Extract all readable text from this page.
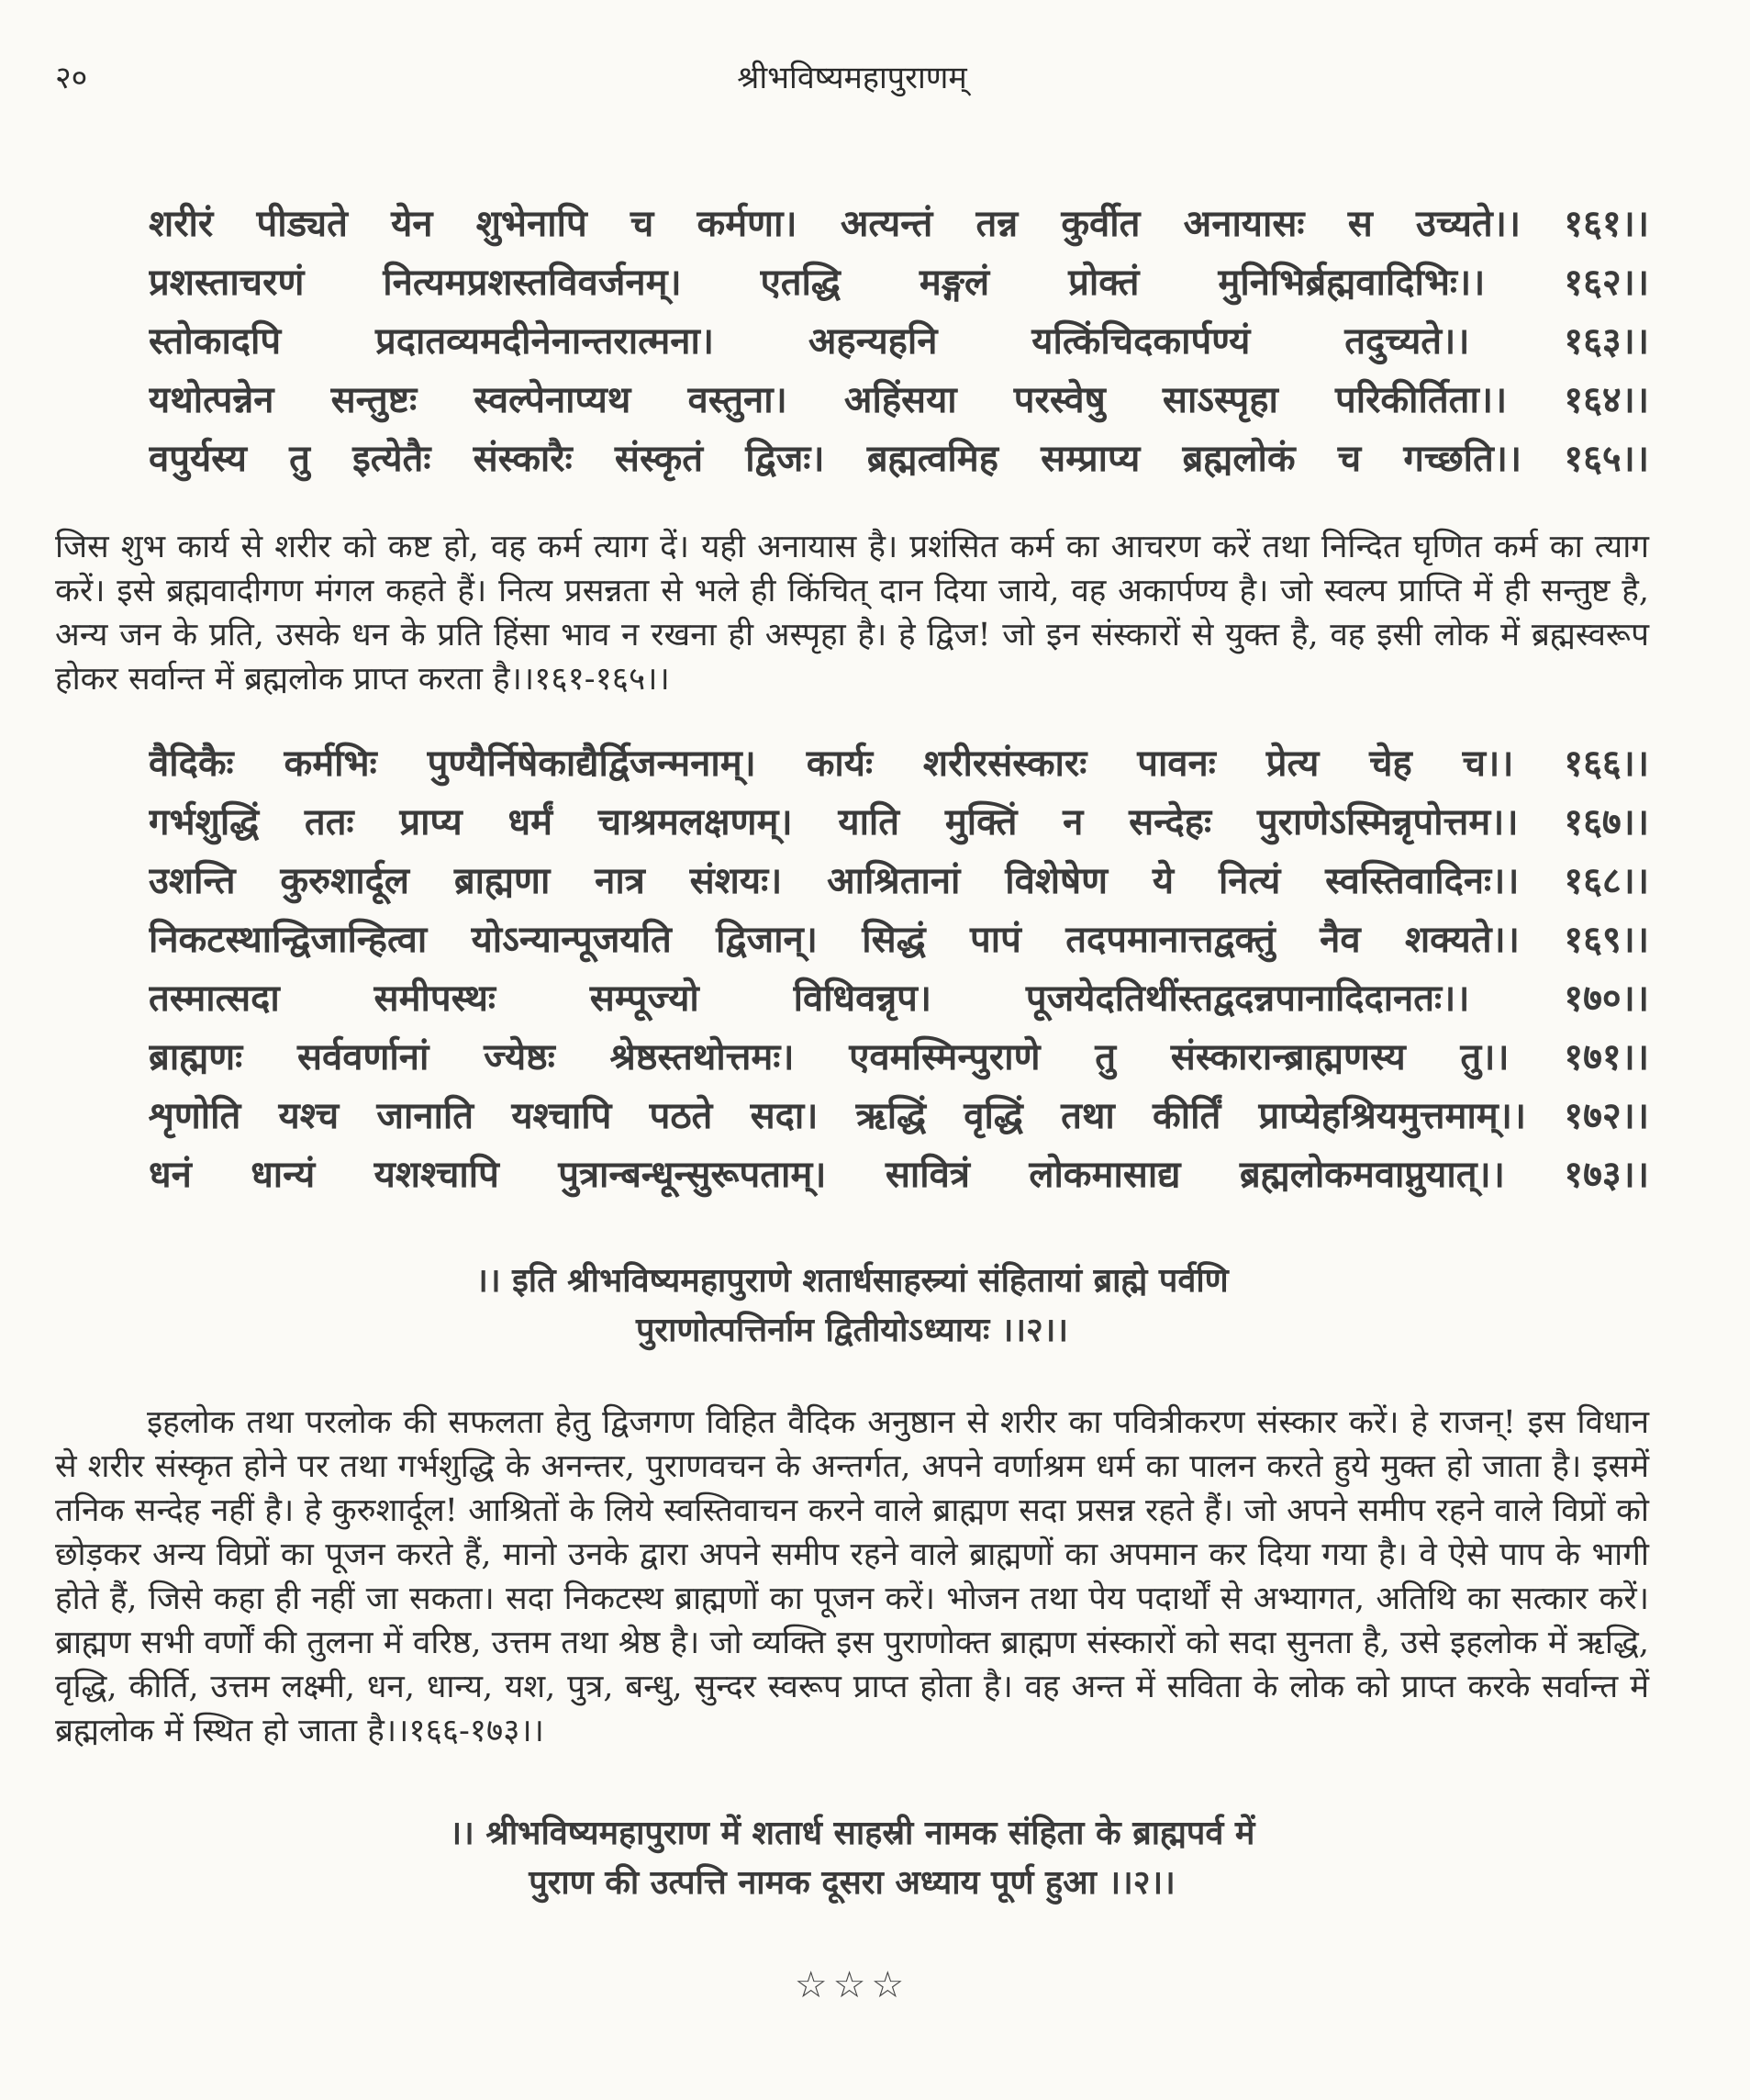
२०	श्रीभविष्यमहापुराणम्
शरीरं पीड्यते येन शुभेनापि च कर्मणा। अत्यन्तं तन्न कुर्वीत अनायासः स उच्यते।। १६१।।
प्रशस्ताचरणं नित्यमप्रशस्तविवर्जनम्। एतद्धि मङ्गलं प्रोक्तं मुनिभिर्ब्रह्मवादिभिः।। १६२।।
स्तोकादपि प्रदातव्यमदीनेनान्तरात्मना। अहन्यहनि यत्किंचिदकार्पण्यं तदुच्यते।। १६३।।
यथोत्पन्नेन सन्तुष्टः स्वल्पेनाप्यथ वस्तुना। अहिंसया परस्वेषु साऽस्पृहा परिकीर्तिता।। १६४।।
वपुर्यस्य तु इत्येतैः संस्कारैः संस्कृतं द्विजः। ब्रह्मत्वमिह सम्प्राप्य ब्रह्मलोकं च गच्छति।। १६५।।

जिस शुभ कार्य से शरीर को कष्ट हो, वह कर्म त्याग दें। यही अनायास है। प्रशंसित कर्म का आचरण करें तथा निन्दित घृणित कर्म का त्याग करें। इसे ब्रह्मवादीगण मंगल कहते हैं। नित्य प्रसन्नता से भले ही किंचित् दान दिया जाये, वह अकार्पण्य है। जो स्वल्प प्राप्ति में ही सन्तुष्ट है, अन्य जन के प्रति, उसके धन के प्रति हिंसा भाव न रखना ही अस्पृहा है। हे द्विज! जो इन संस्कारों से युक्त है, वह इसी लोक में ब्रह्मस्वरूप होकर सर्वान्त में ब्रह्मलोक प्राप्त करता है।।१६१-१६५।।

वैदिकैः कर्मभिः पुण्यैर्निषेकाद्यैर्द्विजन्मनाम्। कार्यः शरीरसंस्कारः पावनः प्रेत्य चेह च।। १६६।।
गर्भशुद्धिं ततः प्राप्य धर्मं चाश्रमलक्षणम्। याति मुक्तिं न सन्देहः पुराणेऽस्मिन्नृपोत्तम।। १६७।।
उशन्ति कुरुशार्दूल ब्राह्मणा नात्र संशयः। आश्रितानां विशेषेण ये नित्यं स्वस्तिवादिनः।। १६८।।
निकटस्थान्द्विजान्हित्वा योऽन्यान्पूजयति द्विजान्। सिद्धं पापं तदपमानात्तद्वक्तुं नैव शक्यते।। १६९।।
तस्मात्सदा समीपस्थः सम्पूज्यो विधिवन्नृप। पूजयेदतिथींस्तद्वदन्नपानादिदानतः।। १७०।।
ब्राह्मणः सर्ववर्णानां ज्येष्ठः श्रेष्ठस्तथोत्तमः। एवमस्मिन्पुराणे तु संस्कारान्ब्राह्मणस्य तु।। १७१।।
शृणोति यश्च जानाति यश्चापि पठते सदा। ऋद्धिं वृद्धिं तथा कीर्तिं प्राप्येहश्रियमुत्तमाम्।। १७२।।
धनं धान्यं यशश्चापि पुत्रान्बन्धून्सुरूपताम्। सावित्रं लोकमासाद्य ब्रह्मलोकमवाप्नुयात्।। १७३।।
।। इति श्रीभविष्यमहापुराणे शतार्धसाहस्र्यां संहितायां ब्राह्मे पर्वणि
पुराणोत्पत्तिर्नाम द्वितीयोऽध्यायः ।।२।।

इहलोक तथा परलोक की सफलता हेतु द्विजगण विहित वैदिक अनुष्ठान से शरीर का पवित्रीकरण संस्कार करें। हे राजन्! इस विधान से शरीर संस्कृत होने पर तथा गर्भशुद्धि के अनन्तर, पुराणवचन के अन्तर्गत, अपने वर्णाश्रम धर्म का पालन करते हुये मुक्त हो जाता है। इसमें तनिक सन्देह नहीं है। हे कुरुशार्दूल! आश्रितों के लिये स्वस्तिवाचन करने वाले ब्राह्मण सदा प्रसन्न रहते हैं। जो अपने समीप रहने वाले विप्रों को छोड़कर अन्य विप्रों का पूजन करते हैं, मानो उनके द्वारा अपने समीप रहने वाले ब्राह्मणों का अपमान कर दिया गया है। वे ऐसे पाप के भागी होते हैं, जिसे कहा ही नहीं जा सकता। सदा निकटस्थ ब्राह्मणों का पूजन करें। भोजन तथा पेय पदार्थों से अभ्यागत, अतिथि का सत्कार करें। ब्राह्मण सभी वर्णों की तुलना में वरिष्ठ, उत्तम तथा श्रेष्ठ है। जो व्यक्ति इस पुराणोक्त ब्राह्मण संस्कारों को सदा सुनता है, उसे इहलोक में ऋद्धि, वृद्धि, कीर्ति, उत्तम लक्ष्मी, धन, धान्य, यश, पुत्र, बन्धु, सुन्दर स्वरूप प्राप्त होता है। वह अन्त में सविता के लोक को प्राप्त करके सर्वान्त में ब्रह्मलोक में स्थित हो जाता है।।१६६-१७३।।

।। श्रीभविष्यमहापुराण में शतार्ध साहस्री नामक संहिता के ब्राह्मपर्व में
पुराण की उत्पत्ति नामक दूसरा अध्याय पूर्ण हुआ ।।२।।
☆☆☆
